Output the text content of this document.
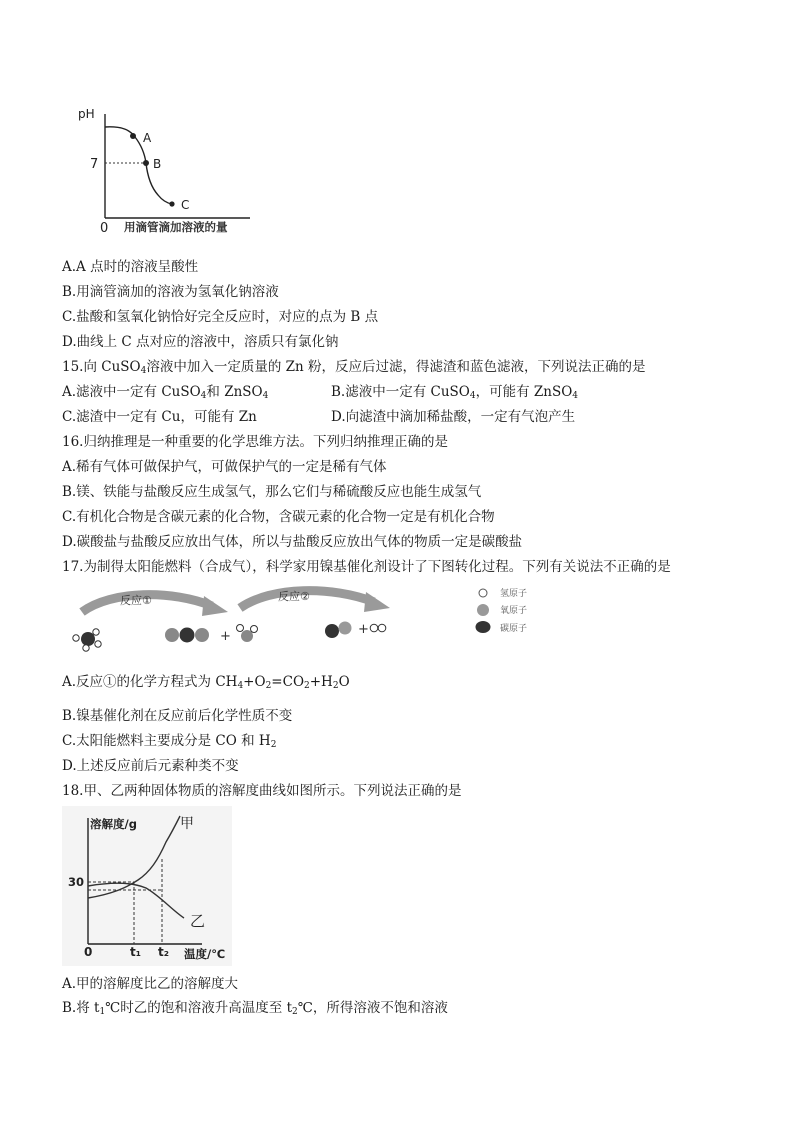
pH
7
0 用滴管滴加溶液的量
A
B
C
A.A 点时的溶液呈酸性
B.用滴管滴加的溶液为氢氧化钠溶液
C.盐酸和氢氧化钠恰好完全反应时，对应的点为 B 点
D.曲线上 C 点对应的溶液中，溶质只有氯化钠
15.向 CuSO$_4$溶液中加入一定质量的 Zn 粉，反应后过滤，得滤渣和蓝色滤液，下列说法正确的是
A.滤液中一定有 CuSO$_4$和 ZnSO$_4$	B.滤液中一定有 CuSO$_4$，可能有 ZnSO$_4$
C.滤渣中一定有 Cu，可能有 Zn	D.向滤渣中滴加稀盐酸，一定有气泡产生
16.归纳推理是一种重要的化学思维方法。下列归纳推理正确的是
A.稀有气体可做保护气，可做保护气的一定是稀有气体
B.镁、铁能与盐酸反应生成氢气，那么它们与稀硫酸反应也能生成氢气
C.有机化合物是含碳元素的化合物，含碳元素的化合物一定是有机化合物
D.碳酸盐与盐酸反应放出气体，所以与盐酸反应放出气体的物质一定是碳酸盐
17.为制得太阳能燃料（合成气），科学家用镍基催化剂设计了下图转化过程。下列有关说法不正确的是
反应①	反应②
+	+
氢原子
氧原子
碳原子
A.反应①的化学方程式为 $CH_4+O_2=CO_2+H_2O$
B.镍基催化剂在反应前后化学性质不变
C.太阳能燃料主要成分是 CO 和 $H_2$
D.上述反应前后元素种类不变
18.甲、乙两种固体物质的溶解度曲线如图所示。下列说法正确的是
溶解度/g
0
30
温度/℃
t₁ t₂
甲
乙
A.甲的溶解度比乙的溶解度大
B.将 $t_1℃$时乙的饱和溶液升高温度至 $t_2℃$，所得溶液不饱和溶液
